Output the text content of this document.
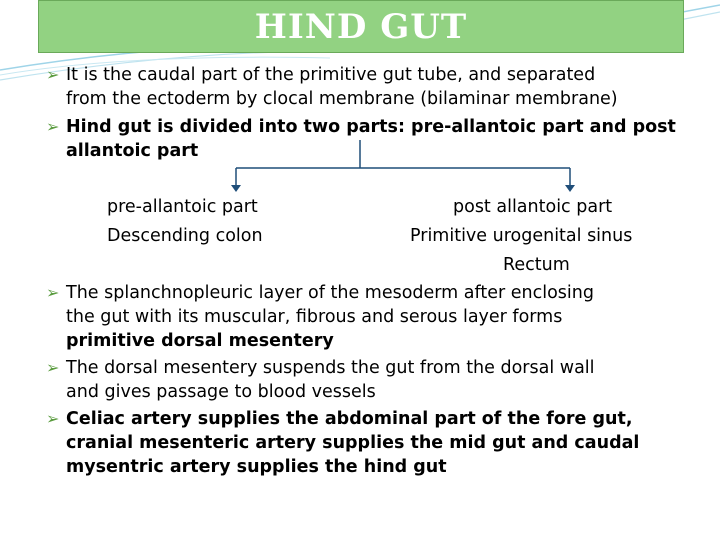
HIND GUT
➢ It is the caudal part of the primitive gut tube, and separated
from the ectoderm by clocal membrane (bilaminar membrane)
➢ Hind gut is divided into two parts: pre-allantoic part and post
allantoic part
pre-allantoic part
Descending colon
post allantoic part
Primitive urogenital sinus
Rectum
➢ The splanchnopleuric layer of the mesoderm after enclosing
the gut with its muscular, fibrous and serous layer forms
primitive dorsal mesentery
➢ The dorsal mesentery suspends the gut from the dorsal wall
and gives passage to blood vessels
➢ Celiac artery supplies the abdominal part of the fore gut,
cranial mesenteric artery supplies the mid gut and caudal
mysentric artery supplies the hind gut
